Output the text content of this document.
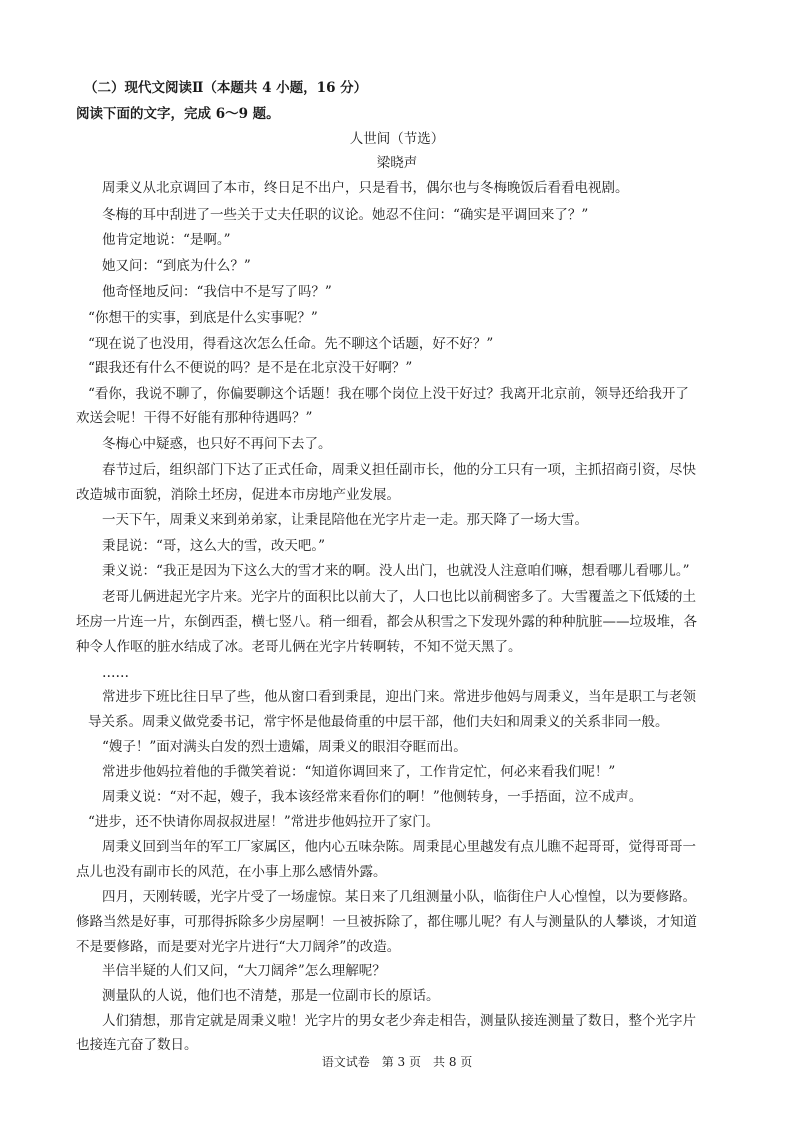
（二）现代文阅读Ⅱ（本题共 4 小题，16 分）
阅读下面的文字，完成 6～9 题。
人世间（节选）
梁晓声
周秉义从北京调回了本市，终日足不出户，只是看书，偶尔也与冬梅晚饭后看看电视剧。
冬梅的耳中刮进了一些关于丈夫任职的议论。她忍不住问：“确实是平调回来了？”
他肯定地说：“是啊。”
她又问：“到底为什么？”
他奇怪地反问：“我信中不是写了吗？”
“你想干的实事，到底是什么实事呢？”
“现在说了也没用，得看这次怎么任命。先不聊这个话题，好不好？”
“跟我还有什么不便说的吗？是不是在北京没干好啊？”
“看你，我说不聊了，你偏要聊这个话题！我在哪个岗位上没干好过？我离开北京前，领导还给我开了
欢送会呢！干得不好能有那种待遇吗？”
冬梅心中疑惑，也只好不再问下去了。
春节过后，组织部门下达了正式任命，周秉义担任副市长，他的分工只有一项，主抓招商引资，尽快
改造城市面貌，消除土坯房，促进本市房地产业发展。
一天下午，周秉义来到弟弟家，让秉昆陪他在光字片走一走。那天降了一场大雪。
秉昆说：“哥，这么大的雪，改天吧。”
秉义说：“我正是因为下这么大的雪才来的啊。没人出门，也就没人注意咱们嘛，想看哪儿看哪儿。”
老哥儿俩进起光字片来。光字片的面积比以前大了，人口也比以前稠密多了。大雪覆盖之下低矮的土
坯房一片连一片，东倒西歪，横七竖八。稍一细看，都会从积雪之下发现外露的种种肮脏——垃圾堆，各
种令人作呕的脏水结成了冰。老哥儿俩在光字片转啊转，不知不觉天黑了。
……
常进步下班比往日早了些，他从窗口看到秉昆，迎出门来。常进步他妈与周秉义，当年是职工与老领
导关系。周秉义做党委书记，常宇怀是他最倚重的中层干部，他们夫妇和周秉义的关系非同一般。
“嫂子！”面对满头白发的烈士遗孀，周秉义的眼泪夺眶而出。
常进步他妈拉着他的手微笑着说：“知道你调回来了，工作肯定忙，何必来看我们呢！”
周秉义说：“对不起，嫂子，我本该经常来看你们的啊！”他侧转身，一手捂面，泣不成声。
“进步，还不快请你周叔叔进屋！”常进步他妈拉开了家门。
周秉义回到当年的军工厂家属区，他内心五味杂陈。周秉昆心里越发有点儿瞧不起哥哥，觉得哥哥一
点儿也没有副市长的风范，在小事上那么感情外露。
四月，天刚转暖，光字片受了一场虚惊。某日来了几组测量小队，临街住户人心惶惶，以为要修路。
修路当然是好事，可那得拆除多少房屋啊！一旦被拆除了，都住哪儿呢？有人与测量队的人攀谈，才知道
不是要修路，而是要对光字片进行“大刀阔斧”的改造。
半信半疑的人们又问，“大刀阔斧”怎么理解呢？
测量队的人说，他们也不清楚，那是一位副市长的原话。
人们猜想，那肯定就是周秉义啦！光字片的男女老少奔走相告，测量队接连测量了数日，整个光字片
也接连亢奋了数日。
语文试卷　第 3 页　共 8 页
